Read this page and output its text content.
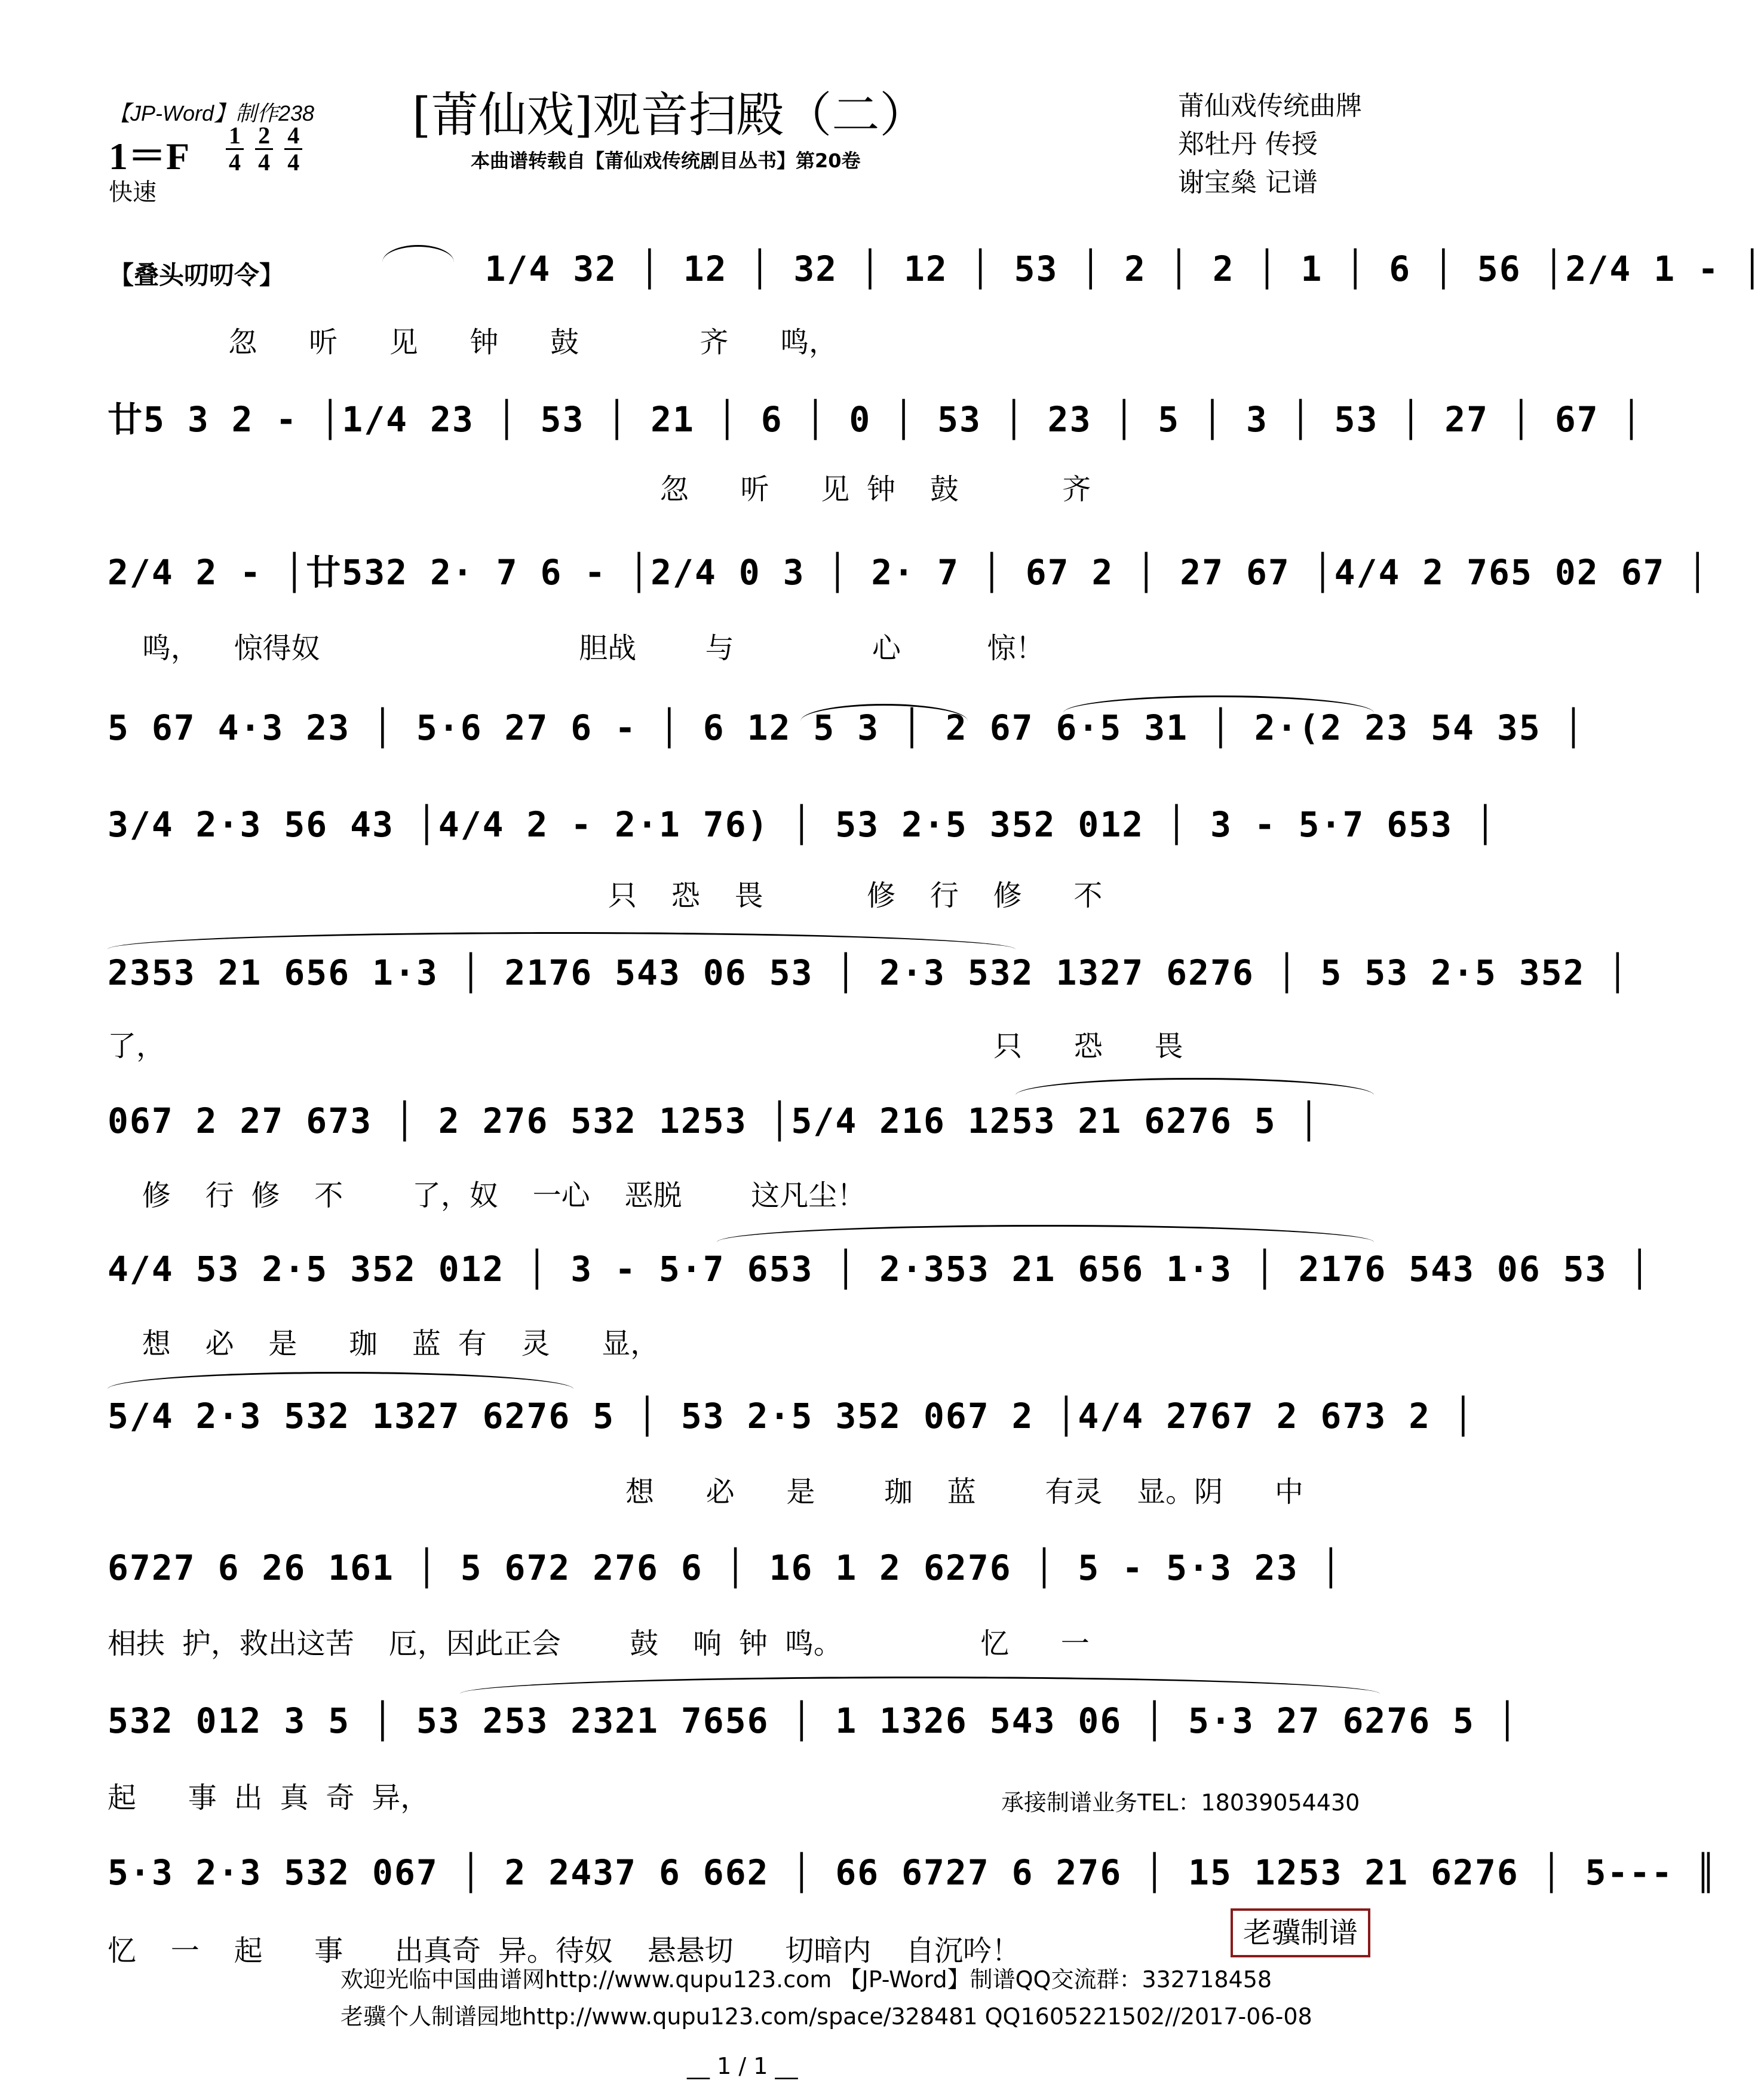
【JP-Word】制作238
$1=F \frac{1}{4}$
$\frac{2}{4}$
$\frac{4}{4}$
快速
[莆仙戏]观音扫殿（二）
本曲谱转载自【莆仙戏传统剧目丛书】第20卷
莆仙戏传统曲牌
郑牡丹 传授
谢宝燊 记谱
【叠头叨叨令】 1/4 32 │ 12 │ 32 │ 12 │ 53 │ 2 │ 2 │ 1 │ 6 │ 56 │2/4 1 - │
忽   听   见   钟   鼓       齐   鸣，
廿5 3 2 - │1/4 23 │ 53 │ 21 │ 6 │ 0 │ 53 │ 23 │ 5 │ 3 │ 53 │ 27 │ 67 │
忽   听   见 钟  鼓      齐
2/4 2 - │廿532 2· 7 6 - │2/4 0 3 │ 2· 7 │ 67 2 │ 27 67 │4/4 2 765 02 67 │
鸣，  惊得奴               胆战    与        心     惊！
5 67 4·3 23 │ 5·6 27 6 - │ 6 12 5 3 │ 2 67 6·5 31 │ 2·(2 23 54 35 │
3/4 2·3 56 43 │4/4 2 - 2·1 76) │ 53 2·5 352 012 │ 3 - 5·7 653 │
只  恐  畏      修  行  修   不
2353 21 656 1·3 │ 2176 543 06 53 │ 2·3 532 1327 6276 │ 5 53 2·5 352 │
了，                                                只   恐   畏
067 2 27 673 │ 2 276 532 1253 │5/4 216 1253 21 6276 5 │
修  行 修  不    了，奴  一心  恶脱    这凡尘！
4/4 53 2·5 352 012 │ 3 - 5·7 653 │ 2·353 21 656 1·3 │ 2176 543 06 53 │
想  必  是   珈  蓝 有  灵   显，
5/4 2·3 532 1327 6276 5 │ 53 2·5 352 067 2 │4/4 2767 2 673 2 │
想   必   是    珈  蓝    有灵  显。阴   中
6727 6 26 161 │ 5 672 276 6 │ 16 1 2 6276 │ 5 - 5·3 23 │
相扶 护，救出这苦  厄，因此正会    鼓  响 钟 鸣。        忆   一
532 012 3 5 │ 53 253 2321 7656 │ 1 1326 543 06 │ 5·3 27 6276 5 │
起   事 出 真 奇 异，
5·3 2·3 532 067 │ 2 2437 6 662 │ 66 6727 6 276 │ 15 1253 21 6276 │ 5--- ║
忆  一  起   事   出真奇 异。待奴  悬悬切   切暗内  自沉吟！
承接制谱业务TEL：18039054430
老骥制谱
欢迎光临中国曲谱网http://www.qupu123.com 【JP-Word】制谱QQ交流群：332718458
老骥个人制谱园地http://www.qupu123.com/space/328481 QQ1605221502//2017-06-08
__ 1 / 1 __
